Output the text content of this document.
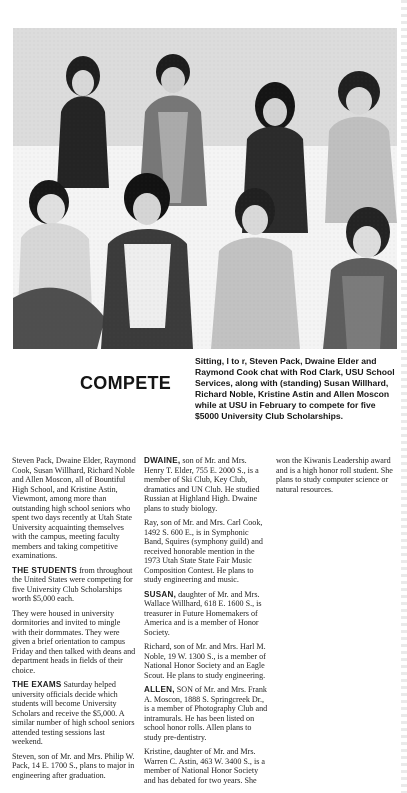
COMPETE
Sitting, l to r, Steven Pack, Dwaine Elder and Raymond Cook chat with Rod Clark, USU School Services, along with (standing) Susan Willhard, Richard Noble, Kristine Astin and Allen Moscon while at USU in February to compete for five $5000 University Club Scholarships.

Steven Pack, Dwaine Elder, Raymond Cook, Susan Willhard, Richard Noble and Allen Moscon, all of Bountiful High School, and Kristine Astin, Viewmont, among more than outstanding high school seniors who spent two days recently at Utah State University acquainting themselves with the campus, meeting faculty members and taking competitive examinations.

THE STUDENTS from throughout the United States were competing for five University Club Scholarships worth $5,000 each.

They were housed in university dormitories and invited to mingle with their dormmates. They were given a brief orientation to campus Friday and then talked with deans and department heads in fields of their choice.

THE EXAMS Saturday helped university officials decide which students will become University Scholars and receive the $5,000. A similar number of high school seniors attended testing sessions last weekend.

Steven, son of Mr. and Mrs. Philip W. Pack, 14 E. 1700 S., plans to major in engineering after graduation.

DWAINE, son of Mr. and Mrs. Henry T. Elder, 755 E. 2000 S., is a member of Ski Club, Key Club, dramatics and UN Club. He studied Russian at Highland High. Dwaine plans to study biology.

Ray, son of Mr. and Mrs. Carl Cook, 1492 S. 600 E., is in Symphonic Band, Squires (symphony guild) and received honorable mention in the 1973 Utah State State Fair Music Composition Contest. He plans to study engineering and music.

SUSAN, daughter of Mr. and Mrs. Wallace Willhard, 618 E. 1600 S., is treasurer in Future Homemakers of America and is a member of Honor Society.

Richard, son of Mr. and Mrs. Harl M. Noble, 19 W. 1300 S., is a member of National Honor Society and an Eagle Scout. He plans to study engineering.

ALLEN, SON of Mr. and Mrs. Frank A. Moscon, 1888 S. Springcreek Dr., is a member of Photography Club and intramurals. He has been listed on school honor rolls. Allen plans to study pre-dentistry.

Kristine, daughter of Mr. and Mrs. Warren C. Astin, 463 W. 3400 S., is a member of National Honor Society and has debated for two years. She won the Kiwanis Leadership award and is a high honor roll student. She plans to study computer science or natural resources.
